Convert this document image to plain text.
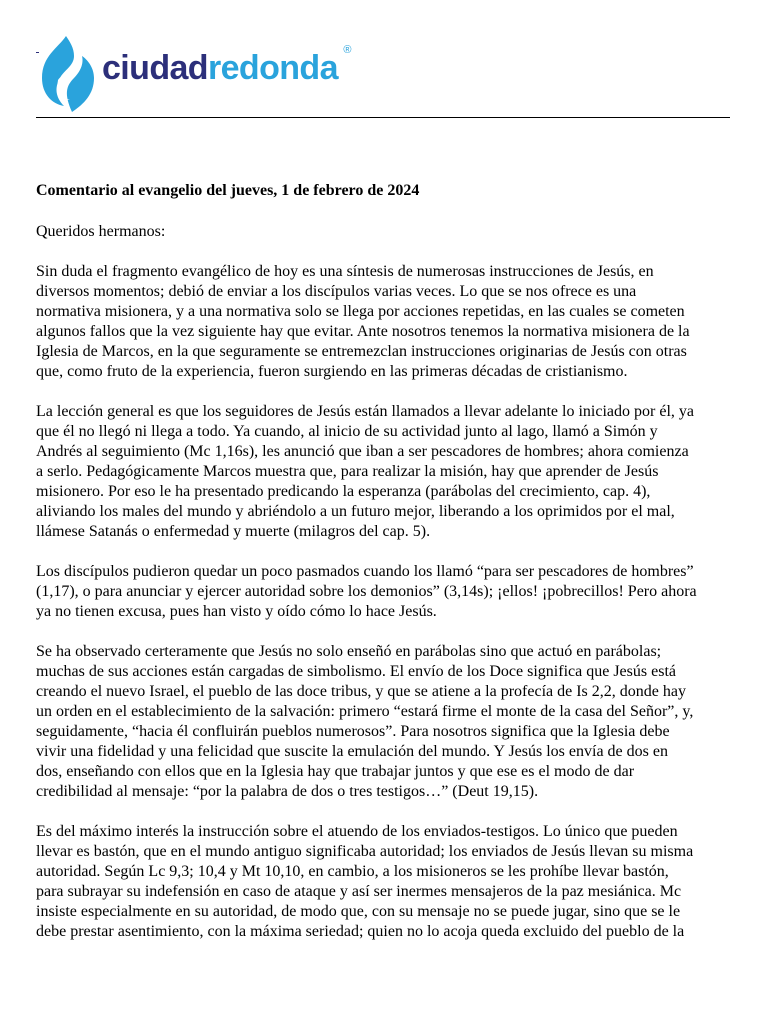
ciudadredonda ®
Comentario al evangelio del jueves, 1 de febrero de 2024
Queridos hermanos:
Sin duda el fragmento evangélico de hoy es una síntesis de numerosas instrucciones de Jesús, en
diversos momentos; debió de enviar a los discípulos varias veces. Lo que se nos ofrece es una
normativa misionera, y a una normativa solo se llega por acciones repetidas, en las cuales se cometen
algunos fallos que la vez siguiente hay que evitar. Ante nosotros tenemos la normativa misionera de la
Iglesia de Marcos, en la que seguramente se entremezclan instrucciones originarias de Jesús con otras
que, como fruto de la experiencia, fueron surgiendo en las primeras décadas de cristianismo.
La lección general es que los seguidores de Jesús están llamados a llevar adelante lo iniciado por él, ya
que él no llegó ni llega a todo. Ya cuando, al inicio de su actividad junto al lago, llamó a Simón y
Andrés al seguimiento (Mc 1,16s), les anunció que iban a ser pescadores de hombres; ahora comienza
a serlo. Pedagógicamente Marcos muestra que, para realizar la misión, hay que aprender de Jesús
misionero. Por eso le ha presentado predicando la esperanza (parábolas del crecimiento, cap. 4),
aliviando los males del mundo y abriéndolo a un futuro mejor, liberando a los oprimidos por el mal,
llámese Satanás o enfermedad y muerte (milagros del cap. 5).
Los discípulos pudieron quedar un poco pasmados cuando los llamó “para ser pescadores de hombres”
(1,17), o para anunciar y ejercer autoridad sobre los demonios” (3,14s); ¡ellos! ¡pobrecillos! Pero ahora
ya no tienen excusa, pues han visto y oído cómo lo hace Jesús.
Se ha observado certeramente que Jesús no solo enseñó en parábolas sino que actuó en parábolas;
muchas de sus acciones están cargadas de simbolismo. El envío de los Doce significa que Jesús está
creando el nuevo Israel, el pueblo de las doce tribus, y que se atiene a la profecía de Is 2,2, donde hay
un orden en el establecimiento de la salvación: primero “estará firme el monte de la casa del Señor”, y,
seguidamente, “hacia él confluirán pueblos numerosos”. Para nosotros significa que la Iglesia debe
vivir una fidelidad y una felicidad que suscite la emulación del mundo. Y Jesús los envía de dos en
dos, enseñando con ellos que en la Iglesia hay que trabajar juntos y que ese es el modo de dar
credibilidad al mensaje: “por la palabra de dos o tres testigos…” (Deut 19,15).
Es del máximo interés la instrucción sobre el atuendo de los enviados-testigos. Lo único que pueden
llevar es bastón, que en el mundo antiguo significaba autoridad; los enviados de Jesús llevan su misma
autoridad. Según Lc 9,3; 10,4 y Mt 10,10, en cambio, a los misioneros se les prohíbe llevar bastón,
para subrayar su indefensión en caso de ataque y así ser inermes mensajeros de la paz mesiánica. Mc
insiste especialmente en su autoridad, de modo que, con su mensaje no se puede jugar, sino que se le
debe prestar asentimiento, con la máxima seriedad; quien no lo acoja queda excluido del pueblo de la
